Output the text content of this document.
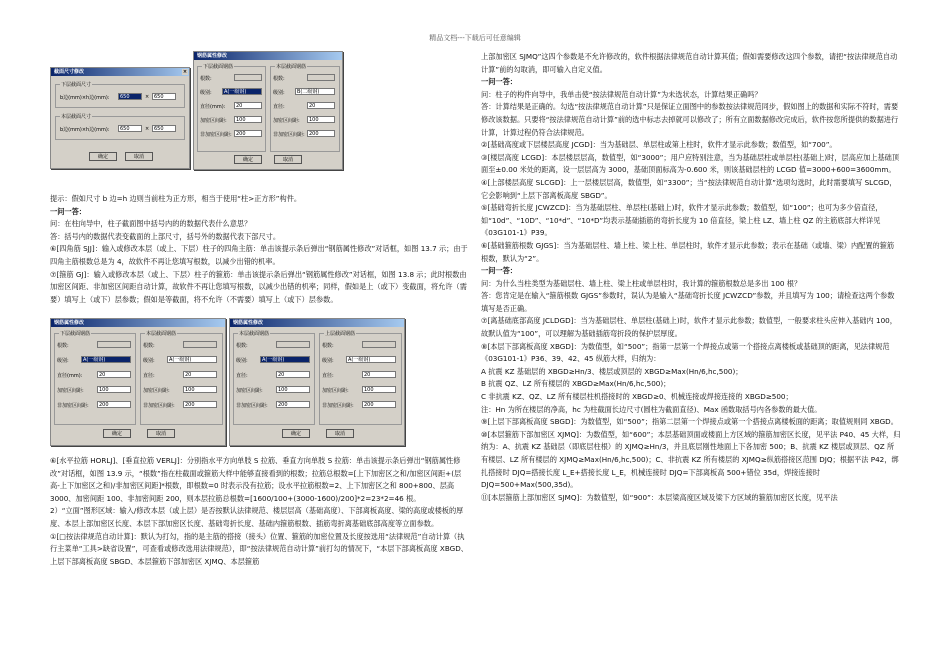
精品文档---下载后可任意编辑
截面尺寸修改	×
下层截面尺寸
b边(mm)×h边(mm):	650	× 650
本层截面尺寸
b边(mm)×h边(mm):	650	× 650
确定	取消
钢筋属性修改
下层截面钢筋
根数:
级别:	A(一级钢)
直径(mm):	20
加密区间距:	100
非加密区间距: 200
本层截面钢筋
根数:
级别:	B(二级钢)
直径:	20
加密区间距:	100
非加密区间距: 200
确定	取消

提示：假如尺寸 b 边=h 边则当前柱为正方形，相当于使用“柱>正方形”构件。

一问一答：

问：在柱向导中，柱子截面图中括号内的的数据代表什么意思？

答：括号内的数据代表变截面的上部尺寸，括号外的数据代表下部尺寸。

⑥[四角筋 SJJ]：输入或修改本层（或上、下层）柱子的四角主筋：单击该提示条后弹出“钢筋属性修改”对话框，如图 13.7 示；由于四角主筋根数总是为 4，故软件不再让您填写根数，以减少出错的机率。

⑦[箍筋 GJ]：输入或修改本层（或上、下层）柱子的箍筋：单击该提示条后弹出“钢筋属性修改”对话框，如图 13.8 示；此时根数由加密区间距、非加密区间距自动计算，故软件不再让您填写根数，以减少出错的机率；同样，假如是上（或下）变截面，将允许（需要）填写上（或下）层参数；假如是等截面，将不允许（不需要）填写上（或下）层参数。

钢筋属性修改
下层截面钢筋
根数:
级别:	A(一级钢)
直径(mm):	20
加密区间距:	100
非加密区间距:	200
本层截面钢筋
根数:
级别:	A(一级钢)
直径:	20
加密区间距:	100
非加密区间距:	200
确定	取消
钢筋属性修改
本层截面钢筋
根数:
级别:	A(一级钢)
直径:	20
加密区间距:	100
非加密区间距:	200
上层截面钢筋
根数:
级别:	A(一级钢)
直径:	20
加密区间距:	100
非加密区间距:	200
确定	取消

⑥[水平拉筋 HORLJ]、[垂直拉筋 VERLJ]：分别指水平方向单肢 S 拉筋、垂直方向单肢 S 拉筋：单击该提示条后弹出“钢筋属性修改”对话框，如图 13.9 示，“根数”指在柱截面或箍筋大样中能够直接看到的根数；拉筋总根数=[上下加密区之和/加密区间距+(层高-上下加密区之和)/非加密区间距]*根数，即根数=0 时表示没有拉筋；设水平拉筋根数=2、上下加密区之和 800+800、层高 3000、加密间距 100、非加密间距 200，则本层拉筋总根数=[1600/100+(3000-1600)/200]*2=23*2=46 根。

2）“立面”图形区域：输入/修改本层（或上层）是否按默认法律规范、楼层层高（基础高度）、下部离板高度、梁的高度或楼板的厚度、本层上部加密区长度、本层下部加密区长度、基础弯折长度、基础内箍筋根数、插筋弯折离基础底部高度等立面参数。

①[□按法律规范自动计算]：默认为打勾，指的是主筋的搭接（接头）位置、箍筋的加密位置及长度按选用“法律规范”自动计算（执行主菜单“工具>缺省设置”，可查看或修改选用法律规范），即“按法律规范自动计算”前打勾的情况下，“本层下部离板高度 XBGD、上层下部离板高度 SBGD、本层箍筋下部加密区 XJMQ、本层箍筋

上部加密区 SJMQ”这四个参数是不允许修改的，软件根据法律规范自动计算其值；假如需要修改这四个参数，请把“按法律规范自动计算”前的勾取消，即可输入自定义值。

一问一答：

问：柱子的构件向导中，我单击使“按法律规范自动计算”为未选状态，计算结果正确吗？

答：计算结果是正确的。勾选“按法律规范自动计算”只是保证立面图中的参数按法律规范同步，假如图上的数据和实际不符时，需要修改该数据。只要将“按法律规范自动计算”前的选中标志去掉就可以修改了；所有立面数据修改完成后，软件按您所提供的数据进行计算，计算过程仍符合法律规范。

②[基础高度或下层楼层高度 JCGD]：当为基础层、单层柱或第上柱时，软件才显示此参数；数值型，如“700”。

③[楼层高度 LCGD]：本层楼层层高，数值型，如“3000”；用户应特别注意，当为基础层柱或单层柱(基础上)时，层高应加上基础顶面至±0.00 米处的距离，设一层层高为 3000，基础顶面标高为-0.600 米，则该基础层柱的 LCGD 值=3000+600=3600mm。

④[上部楼层高度 SLCGD]：上一层楼层层高，数值型，如“3300”；当“按法律规范自动计算”选项勾选时，此时需要填写 SLCGD，它会影响到“上层下部离板高度 SBGD”。

⑤[基础弯折长度 JCWZCD]：当为基础层柱、单层柱(基础上)时，软件才显示此参数；数值型，如“100”；也可为多少倍直径，如“10d”、“10D”、“10*d”、“10*D”均表示基础插筋的弯折长度为 10 倍直径，梁上柱 LZ、墙上柱 QZ 的主筋底部大样详见《03G101-1》P39。

⑥[基础箍筋根数 GJGS]：当为基础层柱、墙上柱、梁上柱、单层柱时，软件才显示此参数；表示在基础（或墙、梁）内配置的箍筋根数，默认为“2”。

一问一答：

问：为什么当柱类型为基础层柱、墙上柱、梁上柱或单层柱时，我计算的箍筋根数总是多出 100 根？

答：您肯定是在输入“箍筋根数 GJGS”参数时，误认为是输入“基础弯折长度 JCWZCD”参数，并且填写为 100；请检查这两个参数填写是否正确。

⑦[离基础底部高度 JCLDGD]：当为基础层柱、单层柱(基础上)时，软件才显示此参数；数值型，一般要求柱头应伸入基础内 100，故默认值为“100”，可以理解为基础插筋弯折段的保护层厚度。

⑧[本层下部离板高度 XBGD]：为数值型，如“500”；指第一层第一个焊接点或第一个搭接点离楼板或基础顶的距离，见法律规范《03G101-1》P36、39、42、45 纵筋大样，归纳为：

A 抗震 KZ 基础层的 XBGD≥Hn/3、楼层或顶层的 XBGD≥Max(Hn/6,hc,500)；

B 抗震 QZ、LZ 所有楼层的 XBGD≥Max(Hn/6,hc,500)；

C 非抗震 KZ、QZ、LZ 所有楼层柱机搭接时的 XBGD≥0、机械连接或焊接连接的 XBGD≥500；

注：Hn 为所在楼层的净高，hc 为柱截面长边尺寸(圆柱为截面直径)、Max 函数取括号内各参数的最大值。

⑨[上层下部离板高度 SBGD]：为数值型，如“500”；指第二层第一个焊接点或第一个搭接点离楼板面的距离；取值规则同 XBGD。

⑩[本层箍筋下部加密区 XJMQ]：为数值型，如“600”；本层基础顶面或楼面上方区域的箍筋加密区长度，见平法 P40、45 大样，归纳为：A、抗震 KZ 基础层（即底层柱根）的 XJMQ≥Hn/3，并且底层刚性地面上下各加密 500；B、抗震 KZ 楼层或顶层、QZ 所有楼层、LZ 所有楼层的 XJMQ≥Max(Hn/6,hc,500)；C、非抗震 KZ 所有楼层的 XJMQ≥纵筋搭接区范围 DJQ；根据平法 P42，绑扎搭接时 DJQ=搭接长度 L_E+搭接长度 L_E，机械连接时 DJQ=下部离板高 500+错位 35d，焊接连接时 DJQ=500+Max(500,35d)。

⑪[本层箍筋上部加密区 SJMQ]：为数值型，如“900”：本层梁高度区域及梁下方区域的箍筋加密区长度，见平法
